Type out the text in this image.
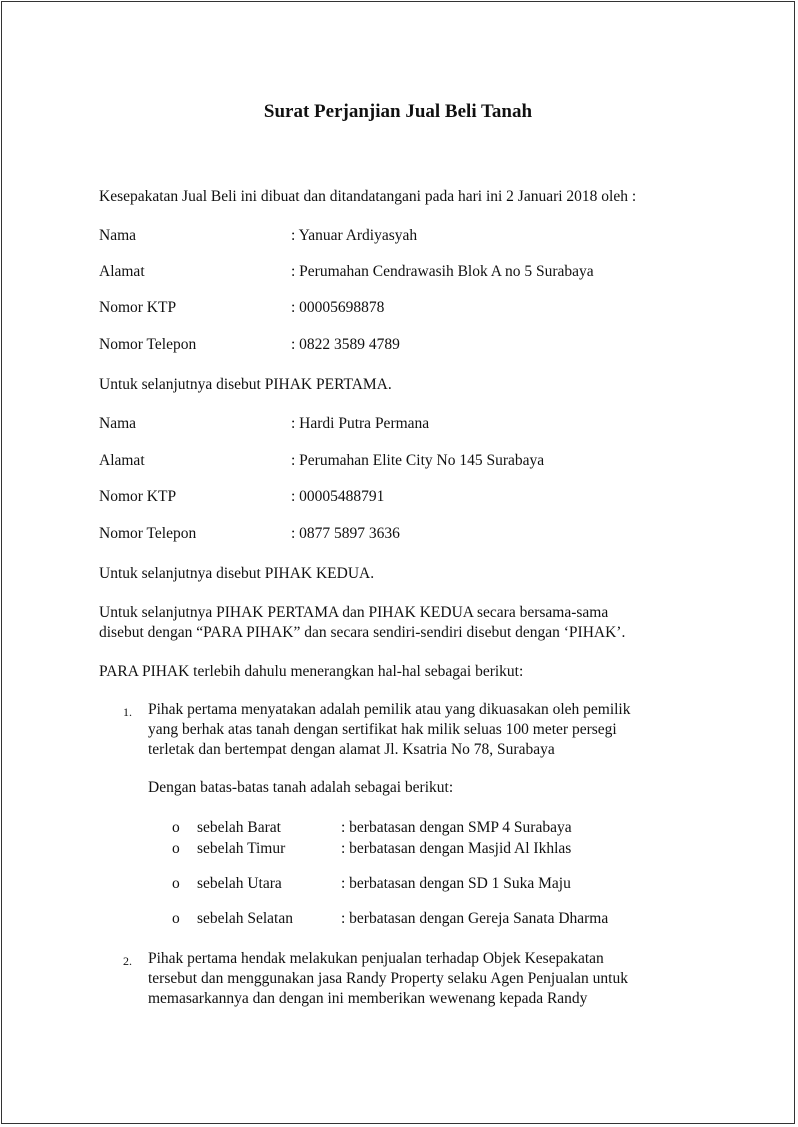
Surat Perjanjian Jual Beli Tanah

Kesepakatan Jual Beli ini dibuat dan ditandatangani pada hari ini 2 Januari 2018 oleh :

Nama	: Yanuar Ardiyasyah
Alamat	: Perumahan Cendrawasih Blok A no 5 Surabaya
Nomor KTP	: 00005698878
Nomor Telepon	: 0822 3589 4789

Untuk selanjutnya disebut PIHAK PERTAMA.

Nama	: Hardi Putra Permana
Alamat	: Perumahan Elite City No 145 Surabaya
Nomor KTP	: 00005488791
Nomor Telepon	: 0877 5897 3636

Untuk selanjutnya disebut PIHAK KEDUA.

Untuk selanjutnya PIHAK PERTAMA dan PIHAK KEDUA secara bersama-sama

disebut dengan “PARA PIHAK” dan secara sendiri-sendiri disebut dengan ‘PIHAK’.

PARA PIHAK terlebih dahulu menerangkan hal-hal sebagai berikut:

1. Pihak pertama menyatakan adalah pemilik atau yang dikuasakan oleh pemilik
yang berhak atas tanah dengan sertifikat hak milik seluas 100 meter persegi
terletak dan bertempat dengan alamat Jl. Ksatria No 78, Surabaya
Dengan batas-batas tanah adalah sebagai berikut:
o sebelah Barat	: berbatasan dengan SMP 4 Surabaya
o sebelah Timur	: berbatasan dengan Masjid Al Ikhlas
o sebelah Utara	: berbatasan dengan SD 1 Suka Maju
o sebelah Selatan	: berbatasan dengan Gereja Sanata Dharma
2. Pihak pertama hendak melakukan penjualan terhadap Objek Kesepakatan
tersebut dan menggunakan jasa Randy Property selaku Agen Penjualan untuk
memasarkannya dan dengan ini memberikan wewenang kepada Randy
